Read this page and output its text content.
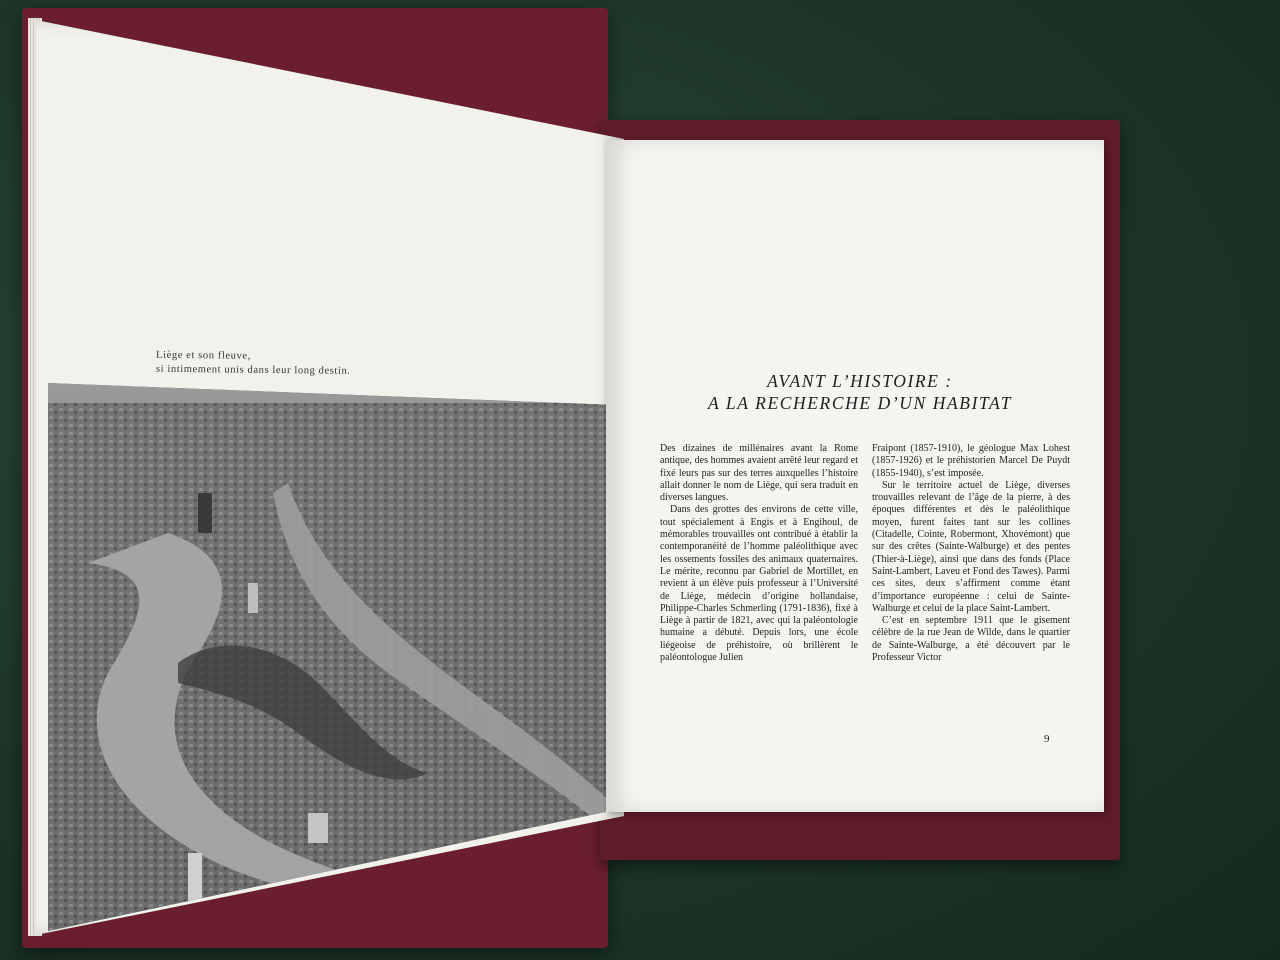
Liège et son fleuve,
si intimement unis dans leur long destin.
AVANT L’HISTOIRE :
A LA RECHERCHE D’UN HABITAT

Des dizaines de millénaires avant la Rome antique, des hommes avaient arrêté leur regard et fixé leurs pas sur des terres auxquelles l’histoire allait donner le nom de Liège, qui sera traduit en diverses langues.

Dans des grottes des environs de cette ville, tout spécialement à Engis et à Engihoul, de mémorables trouvailles ont contribué à établir la contemporanéité de l’homme paléolithique avec les ossements fossiles des animaux quaternaires. Le mérite, reconnu par Gabriel de Mortillet, en revient à un élève puis professeur à l’Université de Liège, médecin d’origine hollandaise, Philippe-Charles Schmerling (1791-1836), fixé à Liège à partir de 1821, avec qui la paléontologie humaine a débuté. Depuis lors, une école liégeoise de préhistoire, où brillèrent le paléontologue Julien

Fraipont (1857-1910), le géologue Max Lohest (1857-1926) et le préhistorien Marcel De Puydt (1855-1940), s’est imposée.

Sur le territoire actuel de Liège, diverses trouvailles relevant de l’âge de la pierre, à des époques différentes et dès le paléolithique moyen, furent faites tant sur les collines (Citadelle, Cointe, Robermont, Xhovémont) que sur des crêtes (Sainte-Walburge) et des pentes (Thier-à-Liège), ainsi que dans des fonds (Place Saint-Lambert, Laveu et Fond des Tawes). Parmi ces sites, deux s’affirment comme étant d’importance européenne : celui de Sainte-Walburge et celui de la place Saint-Lambert.

C’est en septembre 1911 que le gisement célèbre de la rue Jean de Wilde, dans le quartier de Sainte-Walburge, a été découvert par le Professeur Victor

9
